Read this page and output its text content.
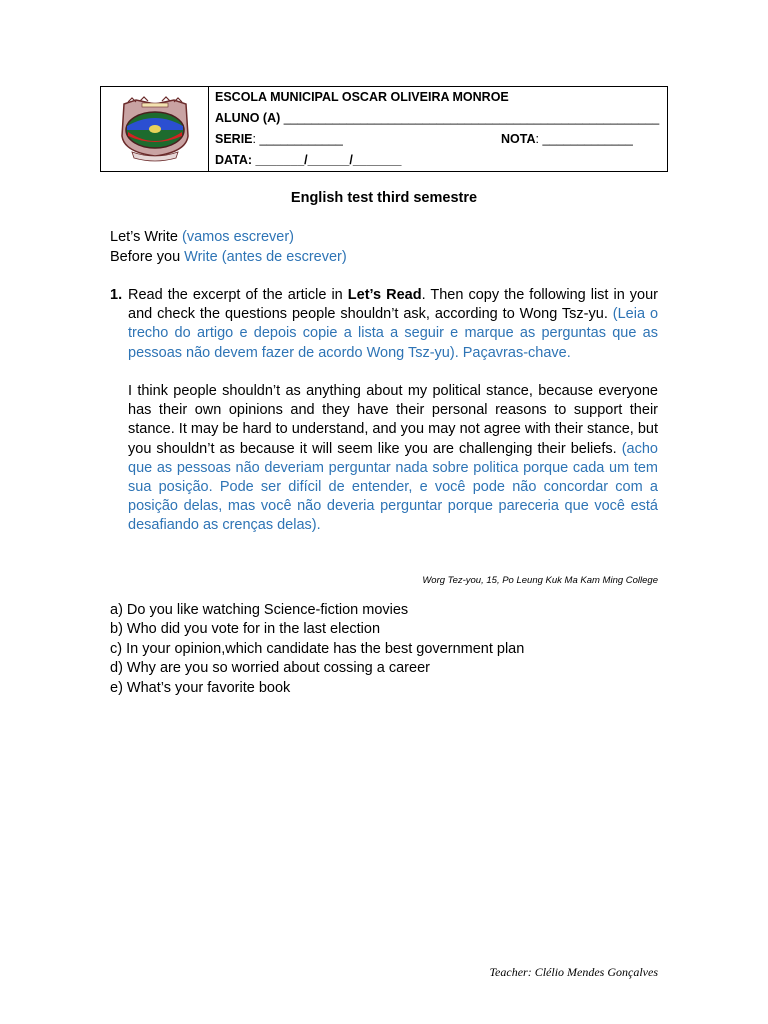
ESCOLA MUNICIPAL OSCAR OLIVEIRA MONROE
ALUNO (A) ______________________________________________________
SERIE: ____________	NOTA: _____________
DATA: _______/______/_______
English test third semestre
Let’s Write (vamos escrever)
Before you Write (antes de escrever)
1. Read the excerpt of the article in Let’s Read. Then copy the following list in your and check the questions people shouldn’t ask, according to Wong Tsz-yu. (Leia o trecho do artigo e depois copie a lista a seguir e marque as perguntas que as pessoas não devem fazer de acordo Wong Tsz-yu). Paçavras-chave.

I think people shouldn’t as anything about my political stance, because everyone has their own opinions and they have their personal reasons to support their stance. It may be hard to understand, and you may not agree with their stance, but you shouldn’t as because it will seem like you are challenging their beliefs. (acho que as pessoas não deveriam perguntar nada sobre politica porque cada um tem sua posição. Pode ser difícil de entender, e você pode não concordar com a posição delas, mas você não deveria perguntar porque pareceria que você está desafiando as crenças delas).

Worg Tez-you, 15, Po Leung Kuk Ma Kam Ming College
a) Do you like watching Science-fiction movies
b) Who did you vote for in the last election
c) In your opinion,which candidate has the best government plan
d) Why are you so worried about cossing a career
e) What’s your favorite book
Teacher: Clélio Mendes Gonçalves
